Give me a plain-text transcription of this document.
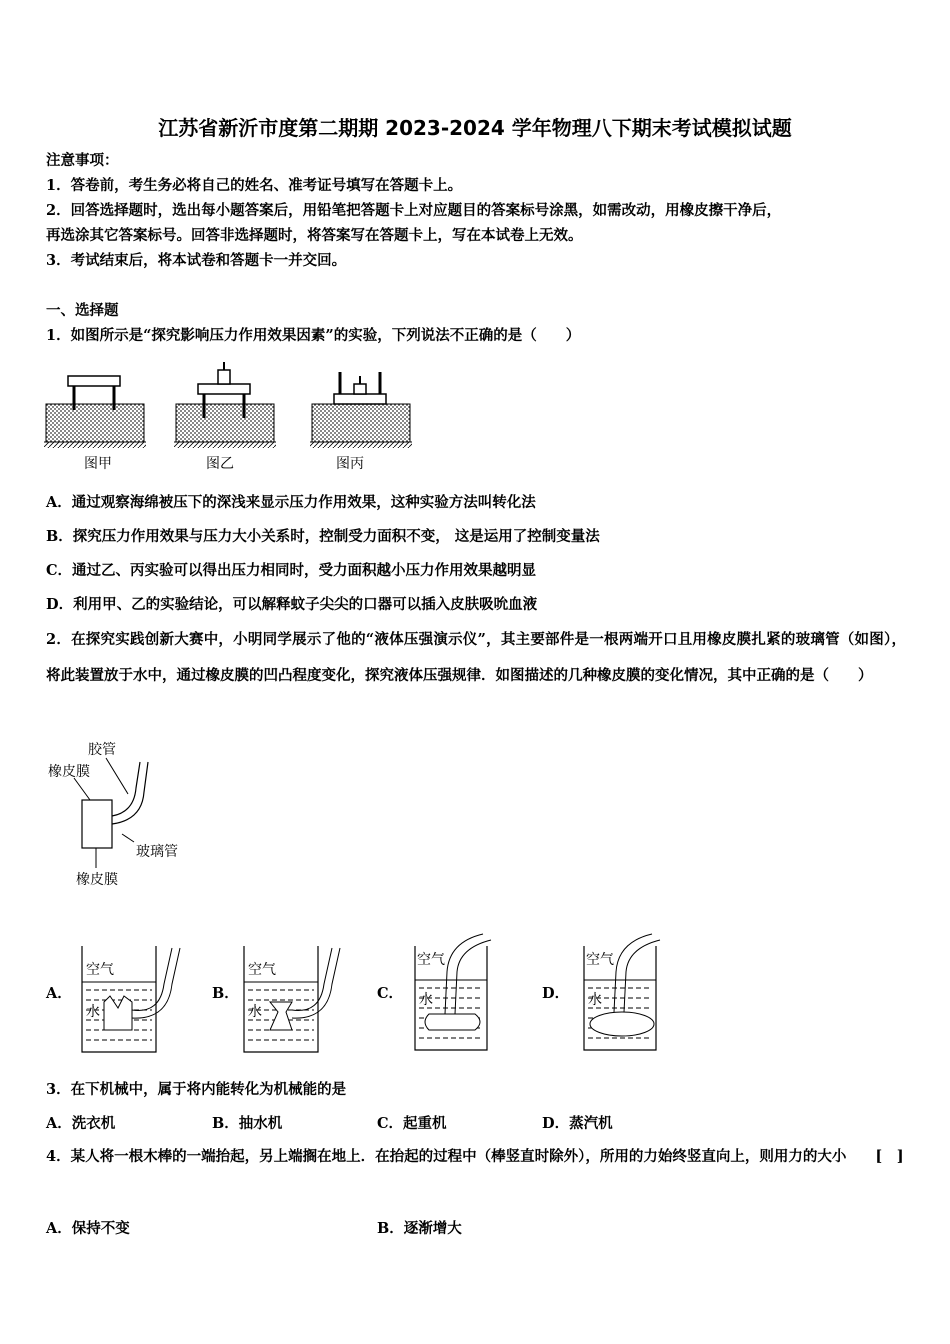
江苏省新沂市度第二期期 2023-2024 学年物理八下期末考试模拟试题
注意事项：
1．答卷前，考生务必将自己的姓名、准考证号填写在答题卡上。
2．回答选择题时，选出每小题答案后，用铅笔把答题卡上对应题目的答案标号涂黑，如需改动，用橡皮擦干净后，
再选涂其它答案标号。回答非选择题时，将答案写在答题卡上，写在本试卷上无效。
3．考试结束后，将本试卷和答题卡一并交回。
一、选择题
1．如图所示是“探究影响压力作用效果因素”的实验，下列说法不正确的是（　　）
图甲	图乙	图丙
A．通过观察海绵被压下的深浅来显示压力作用效果，这种实验方法叫转化法
B．探究压力作用效果与压力大小关系时，控制受力面积不变， 这是运用了控制变量法
C．通过乙、丙实验可以得出压力相同时，受力面积越小压力作用效果越明显
D．利用甲、乙的实验结论，可以解释蚊子尖尖的口器可以插入皮肤吸吮血液
2．在探究实践创新大赛中，小明同学展示了他的“液体压强演示仪”，其主要部件是一根两端开口且用橡皮膜扎紧的玻璃管（如图），将此装置放于水中，通过橡皮膜的凹凸程度变化，探究液体压强规律．如图描述的几种橡皮膜的变化情况，其中正确的是（　　）
胶管
橡皮膜
玻璃管
橡皮膜
A．	B．	C．	D．
空气
水
空气
水
空气
水
空气
水
3．在下机械中，属于将内能转化为机械能的是
A．洗衣机	B．抽水机	C．起重机	D．蒸汽机
4．某人将一根木棒的一端抬起，另上端搁在地上．在抬起的过程中（棒竖直时除外），所用的力始终竖直向上，则用力的大小　　[　]
A．保持不变	B．逐渐增大
